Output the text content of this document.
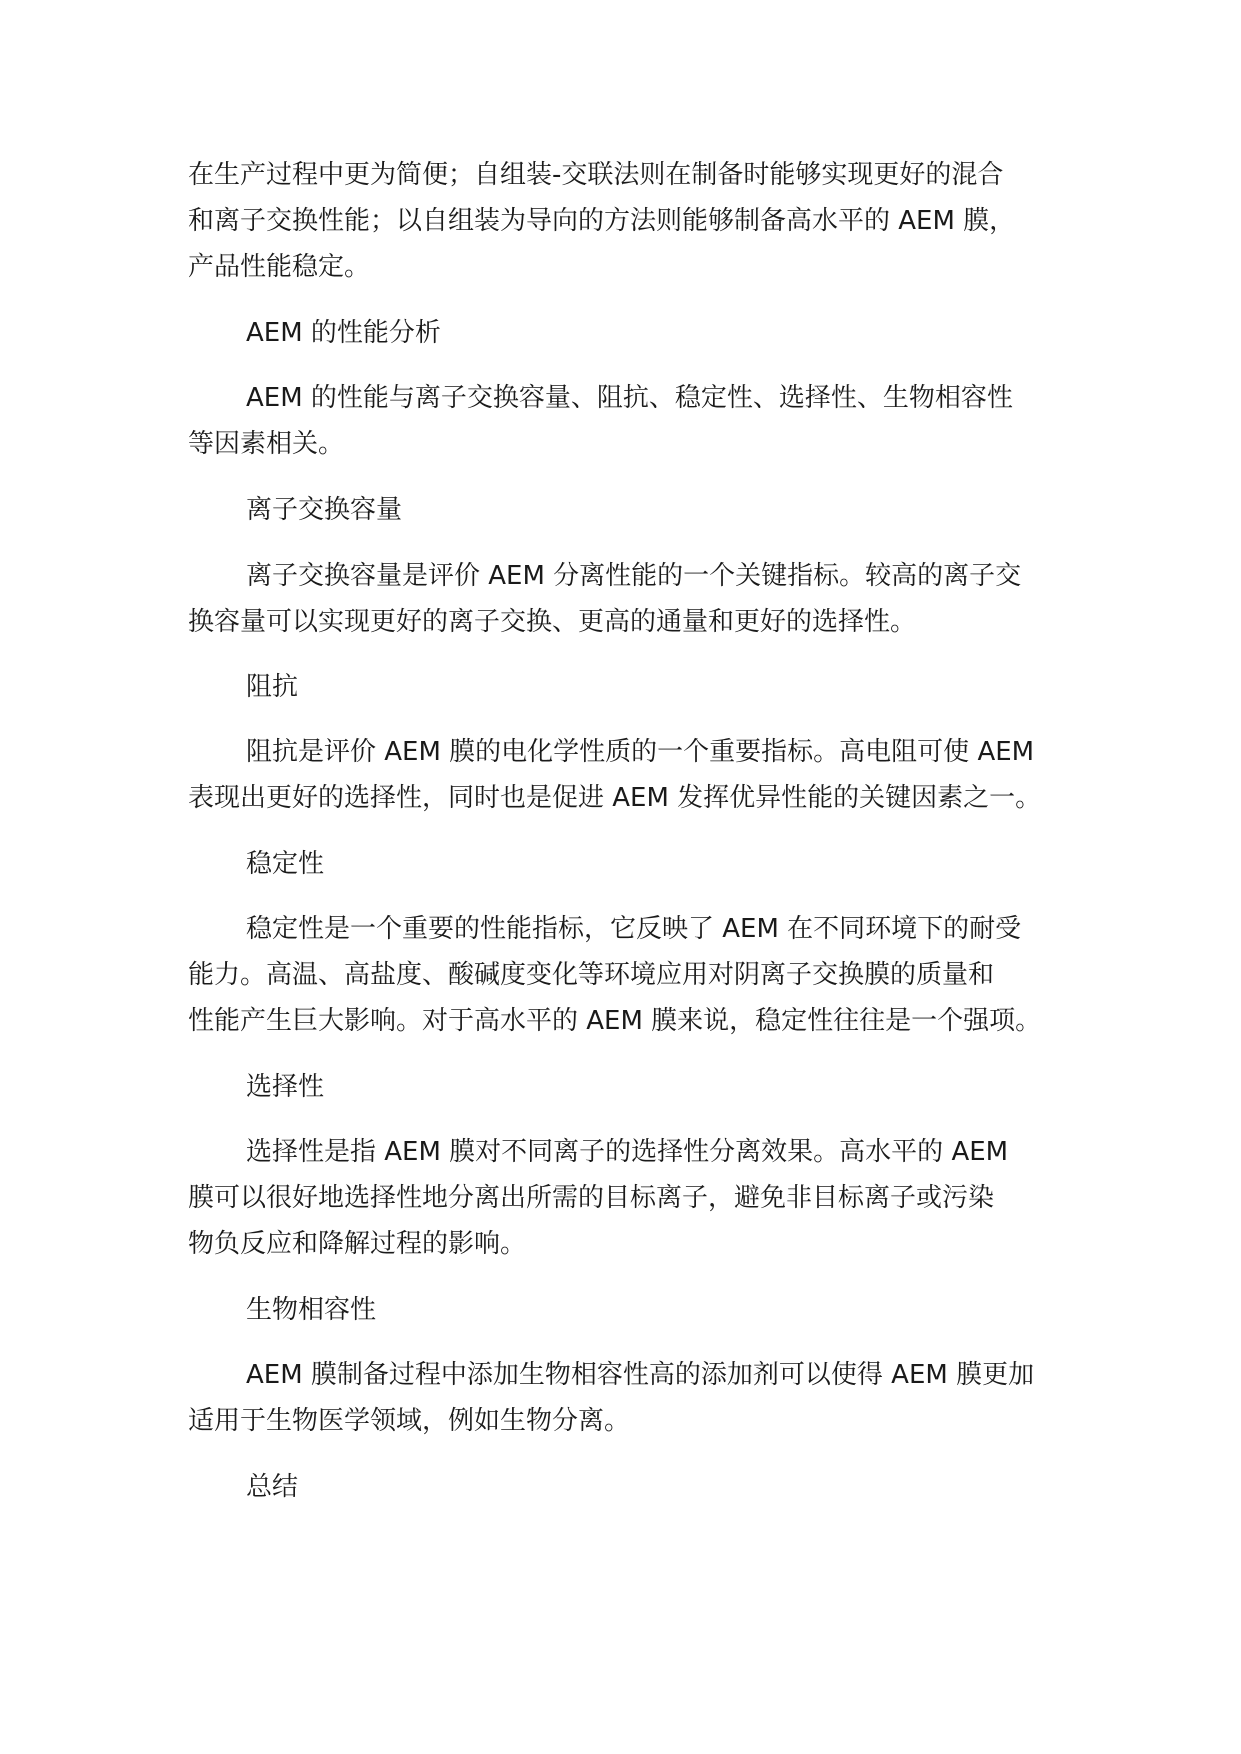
在生产过程中更为简便；自组装-交联法则在制备时能够实现更好的混合
和离子交换性能；以自组装为导向的方法则能够制备高水平的 AEM 膜，
产品性能稳定。
AEM 的性能分析
AEM 的性能与离子交换容量、阻抗、稳定性、选择性、生物相容性
等因素相关。
离子交换容量
离子交换容量是评价 AEM 分离性能的一个关键指标。较高的离子交
换容量可以实现更好的离子交换、更高的通量和更好的选择性。
阻抗
阻抗是评价 AEM 膜的电化学性质的一个重要指标。高电阻可使 AEM
表现出更好的选择性，同时也是促进 AEM 发挥优异性能的关键因素之一。
稳定性
稳定性是一个重要的性能指标，它反映了 AEM 在不同环境下的耐受
能力。高温、高盐度、酸碱度变化等环境应用对阴离子交换膜的质量和
性能产生巨大影响。对于高水平的 AEM 膜来说，稳定性往往是一个强项。
选择性
选择性是指 AEM 膜对不同离子的选择性分离效果。高水平的 AEM
膜可以很好地选择性地分离出所需的目标离子，避免非目标离子或污染
物负反应和降解过程的影响。
生物相容性
AEM 膜制备过程中添加生物相容性高的添加剂可以使得 AEM 膜更加
适用于生物医学领域，例如生物分离。
总结
